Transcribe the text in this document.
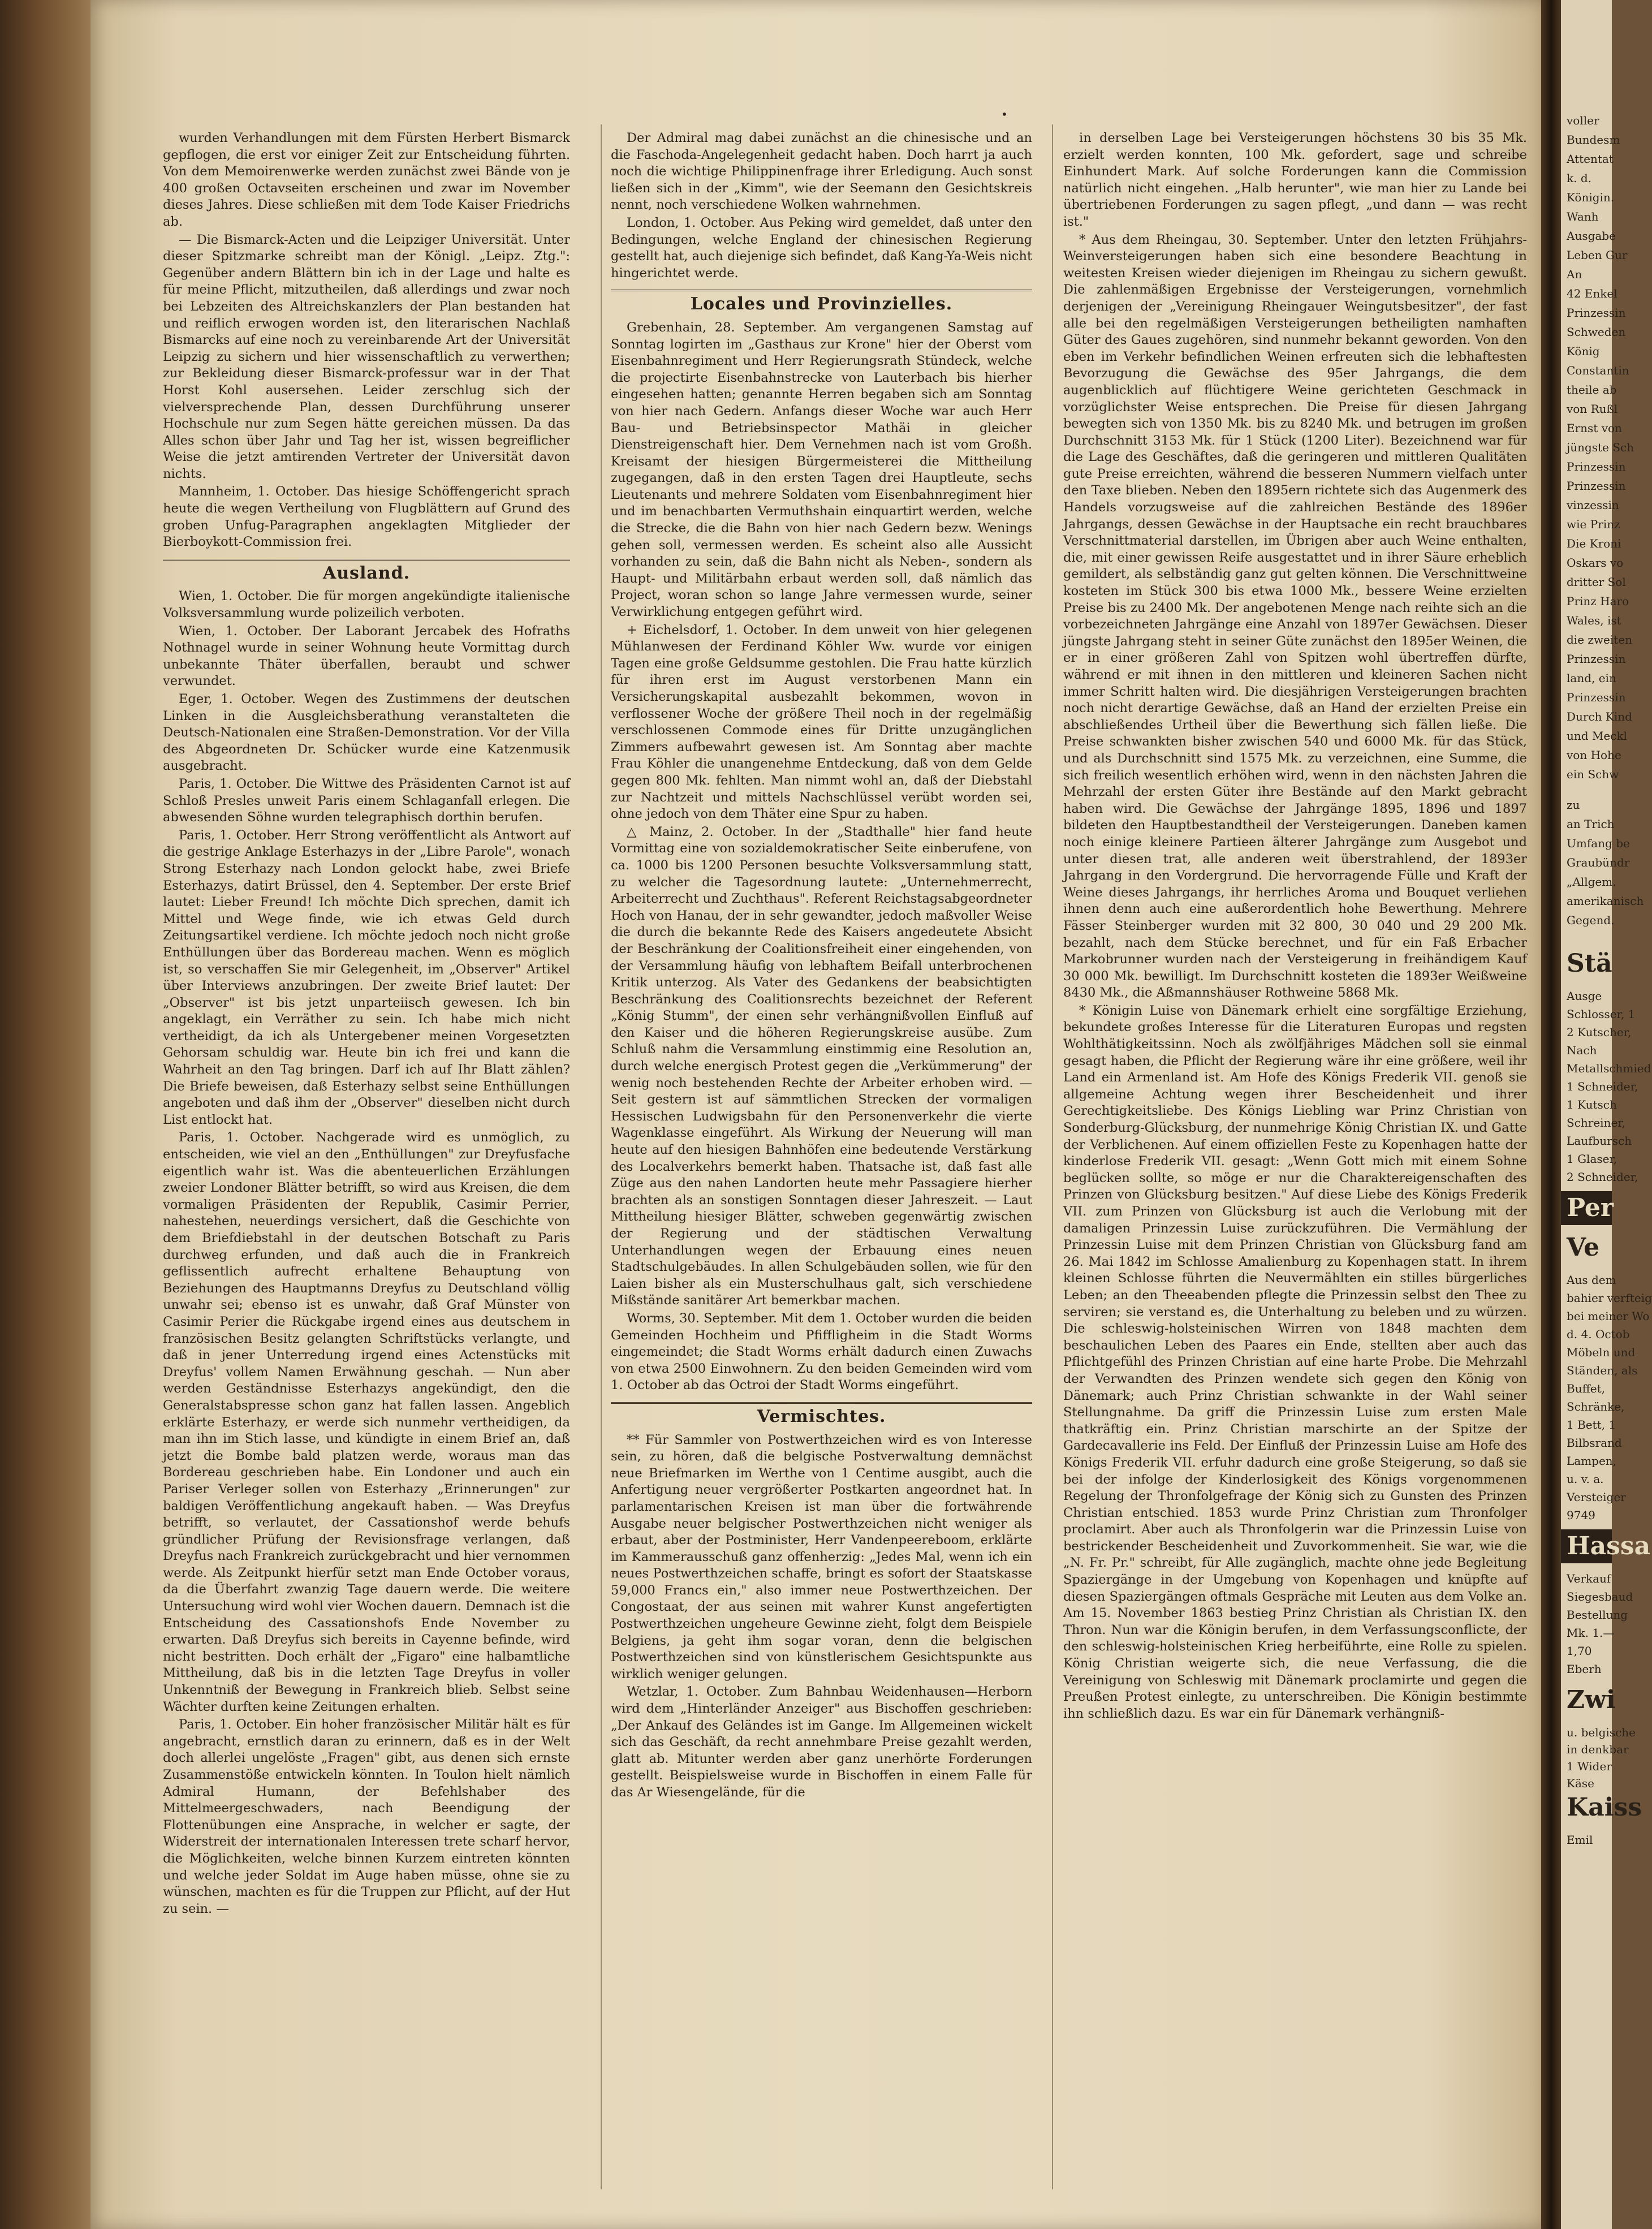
•

wurden Verhandlungen mit dem Fürsten Herbert Bismarck gepflogen, die erst vor einiger Zeit zur Entscheidung führten. Von dem Memoirenwerke werden zunächst zwei Bände von je 400 großen Octavseiten erscheinen und zwar im November dieses Jahres. Diese schließen mit dem Tode Kaiser Friedrichs ab.

— Die Bismarck-Acten und die Leipziger Universität. Unter dieser Spitzmarke schreibt man der Königl. „Leipz. Ztg.": Gegenüber andern Blättern bin ich in der Lage und halte es für meine Pflicht, mitzutheilen, daß allerdings und zwar noch bei Lebzeiten des Altreichskanzlers der Plan bestanden hat und reiflich erwogen worden ist, den literarischen Nachlaß Bismarcks auf eine noch zu vereinbarende Art der Universität Leipzig zu sichern und hier wissenschaftlich zu verwerthen; zur Bekleidung dieser Bismarck-professur war in der That Horst Kohl ausersehen. Leider zerschlug sich der vielversprechende Plan, dessen Durchführung unserer Hochschule nur zum Segen hätte gereichen müssen. Da das Alles schon über Jahr und Tag her ist, wissen begreiflicher Weise die jetzt amtirenden Vertreter der Universität davon nichts.

Mannheim, 1. October. Das hiesige Schöffengericht sprach heute die wegen Vertheilung von Flugblättern auf Grund des groben Unfug-Paragraphen angeklagten Mitglieder der Bierboykott-Commission frei.

Ausland.

Wien, 1. October. Die für morgen angekündigte italienische Volksversammlung wurde polizeilich verboten.

Wien, 1. October. Der Laborant Jercabek des Hofraths Nothnagel wurde in seiner Wohnung heute Vormittag durch unbekannte Thäter überfallen, beraubt und schwer verwundet.

Eger, 1. October. Wegen des Zustimmens der deutschen Linken in die Ausgleichsberathung veranstalteten die Deutsch-Nationalen eine Straßen-Demonstration. Vor der Villa des Abgeordneten Dr. Schücker wurde eine Katzenmusik ausgebracht.

Paris, 1. October. Die Wittwe des Präsidenten Carnot ist auf Schloß Presles unweit Paris einem Schlaganfall erlegen. Die abwesenden Söhne wurden telegraphisch dorthin berufen.

Paris, 1. October. Herr Strong veröffentlicht als Antwort auf die gestrige Anklage Esterhazys in der „Libre Parole", wonach Strong Esterhazy nach London gelockt habe, zwei Briefe Esterhazys, datirt Brüssel, den 4. September. Der erste Brief lautet: Lieber Freund! Ich möchte Dich sprechen, damit ich Mittel und Wege finde, wie ich etwas Geld durch Zeitungsartikel verdiene. Ich möchte jedoch noch nicht große Enthüllungen über das Bordereau machen. Wenn es möglich ist, so verschaffen Sie mir Gelegenheit, im „Observer" Artikel über Interviews anzubringen. Der zweite Brief lautet: Der „Observer" ist bis jetzt unparteiisch gewesen. Ich bin angeklagt, ein Verräther zu sein. Ich habe mich nicht vertheidigt, da ich als Untergebener meinen Vorgesetzten Gehorsam schuldig war. Heute bin ich frei und kann die Wahrheit an den Tag bringen. Darf ich auf Ihr Blatt zählen? Die Briefe beweisen, daß Esterhazy selbst seine Enthüllungen angeboten und daß ihm der „Observer" dieselben nicht durch List entlockt hat.

Paris, 1. October. Nachgerade wird es unmöglich, zu entscheiden, wie viel an den „Enthüllungen" zur Dreyfusfache eigentlich wahr ist. Was die abenteuerlichen Erzählungen zweier Londoner Blätter betrifft, so wird aus Kreisen, die dem vormaligen Präsidenten der Republik, Casimir Perrier, nahestehen, neuerdings versichert, daß die Geschichte von dem Briefdiebstahl in der deutschen Botschaft zu Paris durchweg erfunden, und daß auch die in Frankreich geflissentlich aufrecht erhaltene Behauptung von Beziehungen des Hauptmanns Dreyfus zu Deutschland völlig unwahr sei; ebenso ist es unwahr, daß Graf Münster von Casimir Perier die Rückgabe irgend eines aus deutschem in französischen Besitz gelangten Schriftstücks verlangte, und daß in jener Unterredung irgend eines Actenstücks mit Dreyfus' vollem Namen Erwähnung geschah. — Nun aber werden Geständnisse Esterhazys angekündigt, den die Generalstabspresse schon ganz hat fallen lassen. Angeblich erklärte Esterhazy, er werde sich nunmehr vertheidigen, da man ihn im Stich lasse, und kündigte in einem Brief an, daß jetzt die Bombe bald platzen werde, woraus man das Bordereau geschrieben habe. Ein Londoner und auch ein Pariser Verleger sollen von Esterhazy „Erinnerungen" zur baldigen Veröffentlichung angekauft haben. — Was Dreyfus betrifft, so verlautet, der Cassationshof werde behufs gründlicher Prüfung der Revisionsfrage verlangen, daß Dreyfus nach Frankreich zurückgebracht und hier vernommen werde. Als Zeitpunkt hierfür setzt man Ende October voraus, da die Überfahrt zwanzig Tage dauern werde. Die weitere Untersuchung wird wohl vier Wochen dauern. Demnach ist die Entscheidung des Cassationshofs Ende November zu erwarten. Daß Dreyfus sich bereits in Cayenne befinde, wird nicht bestritten. Doch erhält der „Figaro" eine halbamtliche Mittheilung, daß bis in die letzten Tage Dreyfus in voller Unkenntniß der Bewegung in Frankreich blieb. Selbst seine Wächter durften keine Zeitungen erhalten.

Paris, 1. October. Ein hoher französischer Militär hält es für angebracht, ernstlich daran zu erinnern, daß es in der Welt doch allerlei ungelöste „Fragen" gibt, aus denen sich ernste Zusammenstöße entwickeln könnten. In Toulon hielt nämlich Admiral Humann, der Befehlshaber des Mittelmeergeschwaders, nach Beendigung der Flottenübungen eine Ansprache, in welcher er sagte, der Widerstreit der internationalen Interessen trete scharf hervor, die Möglichkeiten, welche binnen Kurzem eintreten könnten und welche jeder Soldat im Auge haben müsse, ohne sie zu wünschen, machten es für die Truppen zur Pflicht, auf der Hut zu sein. —

Der Admiral mag dabei zunächst an die chinesische und an die Faschoda-Angelegenheit gedacht haben. Doch harrt ja auch noch die wichtige Philippinenfrage ihrer Erledigung. Auch sonst ließen sich in der „Kimm", wie der Seemann den Gesichtskreis nennt, noch verschiedene Wolken wahrnehmen.

London, 1. October. Aus Peking wird gemeldet, daß unter den Bedingungen, welche England der chinesischen Regierung gestellt hat, auch diejenige sich befindet, daß Kang-Ya-Weis nicht hingerichtet werde.

Locales und Provinzielles.

Grebenhain, 28. September. Am vergangenen Samstag auf Sonntag logirten im „Gasthaus zur Krone" hier der Oberst vom Eisenbahnregiment und Herr Regierungsrath Stündeck, welche die projectirte Eisenbahnstrecke von Lauterbach bis hierher eingesehen hatten; genannte Herren begaben sich am Sonntag von hier nach Gedern. Anfangs dieser Woche war auch Herr Bau- und Betriebsinspector Mathäi in gleicher Dienstreigenschaft hier. Dem Vernehmen nach ist vom Großh. Kreisamt der hiesigen Bürgermeisterei die Mittheilung zugegangen, daß in den ersten Tagen drei Hauptleute, sechs Lieutenants und mehrere Soldaten vom Eisenbahnregiment hier und im benachbarten Vermuthshain einquartirt werden, welche die Strecke, die die Bahn von hier nach Gedern bezw. Wenings gehen soll, vermessen werden. Es scheint also alle Aussicht vorhanden zu sein, daß die Bahn nicht als Neben-, sondern als Haupt- und Militärbahn erbaut werden soll, daß nämlich das Project, woran schon so lange Jahre vermessen wurde, seiner Verwirklichung entgegen geführt wird.

+ Eichelsdorf, 1. October. In dem unweit von hier gelegenen Mühlanwesen der Ferdinand Köhler Ww. wurde vor einigen Tagen eine große Geldsumme gestohlen. Die Frau hatte kürzlich für ihren erst im August verstorbenen Mann ein Versicherungskapital ausbezahlt bekommen, wovon in verflossener Woche der größere Theil noch in der regelmäßig verschlossenen Commode eines für Dritte unzugänglichen Zimmers aufbewahrt gewesen ist. Am Sonntag aber machte Frau Köhler die unangenehme Entdeckung, daß von dem Gelde gegen 800 Mk. fehlten. Man nimmt wohl an, daß der Diebstahl zur Nachtzeit und mittels Nachschlüssel verübt worden sei, ohne jedoch von dem Thäter eine Spur zu haben.

△ Mainz, 2. October. In der „Stadthalle" hier fand heute Vormittag eine von sozialdemokratischer Seite einberufene, von ca. 1000 bis 1200 Personen besuchte Volksversammlung statt, zu welcher die Tagesordnung lautete: „Unternehmerrecht, Arbeiterrecht und Zuchthaus". Referent Reichstagsabgeordneter Hoch von Hanau, der in sehr gewandter, jedoch maßvoller Weise die durch die bekannte Rede des Kaisers angedeutete Absicht der Beschränkung der Coalitionsfreiheit einer eingehenden, von der Versammlung häufig von lebhaftem Beifall unterbrochenen Kritik unterzog. Als Vater des Gedankens der beabsichtigten Beschränkung des Coalitionsrechts bezeichnet der Referent „König Stumm", der einen sehr verhängnißvollen Einfluß auf den Kaiser und die höheren Regierungskreise ausübe. Zum Schluß nahm die Versammlung einstimmig eine Resolution an, durch welche energisch Protest gegen die „Verkümmerung" der wenig noch bestehenden Rechte der Arbeiter erhoben wird. — Seit gestern ist auf sämmtlichen Strecken der vormaligen Hessischen Ludwigsbahn für den Personenverkehr die vierte Wagenklasse eingeführt. Als Wirkung der Neuerung will man heute auf den hiesigen Bahnhöfen eine bedeutende Verstärkung des Localverkehrs bemerkt haben. Thatsache ist, daß fast alle Züge aus den nahen Landorten heute mehr Passagiere hierher brachten als an sonstigen Sonntagen dieser Jahreszeit. — Laut Mittheilung hiesiger Blätter, schweben gegenwärtig zwischen der Regierung und der städtischen Verwaltung Unterhandlungen wegen der Erbauung eines neuen Stadtschulgebäudes. In allen Schulgebäuden sollen, wie für den Laien bisher als ein Musterschulhaus galt, sich verschiedene Mißstände sanitärer Art bemerkbar machen.

Worms, 30. September. Mit dem 1. October wurden die beiden Gemeinden Hochheim und Pfiffligheim in die Stadt Worms eingemeindet; die Stadt Worms erhält dadurch einen Zuwachs von etwa 2500 Einwohnern. Zu den beiden Gemeinden wird vom 1. October ab das Octroi der Stadt Worms eingeführt.

Vermischtes.

** Für Sammler von Postwerthzeichen wird es von Interesse sein, zu hören, daß die belgische Postverwaltung demnächst neue Briefmarken im Werthe von 1 Centime ausgibt, auch die Anfertigung neuer vergrößerter Postkarten angeordnet hat. In parlamentarischen Kreisen ist man über die fortwährende Ausgabe neuer belgischer Postwerthzeichen nicht weniger als erbaut, aber der Postminister, Herr Vandenpeereboom, erklärte im Kammerausschuß ganz offenherzig: „Jedes Mal, wenn ich ein neues Postwerthzeichen schaffe, bringt es sofort der Staatskasse 59,000 Francs ein," also immer neue Postwerthzeichen. Der Congostaat, der aus seinen mit wahrer Kunst angefertigten Postwerthzeichen ungeheure Gewinne zieht, folgt dem Beispiele Belgiens, ja geht ihm sogar voran, denn die belgischen Postwerthzeichen sind von künstlerischem Gesichtspunkte aus wirklich weniger gelungen.

Wetzlar, 1. October. Zum Bahnbau Weidenhausen—Herborn wird dem „Hinterländer Anzeiger" aus Bischoffen geschrieben: „Der Ankauf des Geländes ist im Gange. Im Allgemeinen wickelt sich das Geschäft, da recht annehmbare Preise gezahlt werden, glatt ab. Mitunter werden aber ganz unerhörte Forderungen gestellt. Beispielsweise wurde in Bischoffen in einem Falle für das Ar Wiesengelände, für die

in derselben Lage bei Versteigerungen höchstens 30 bis 35 Mk. erzielt werden konnten, 100 Mk. gefordert, sage und schreibe Einhundert Mark. Auf solche Forderungen kann die Commission natürlich nicht eingehen. „Halb herunter", wie man hier zu Lande bei übertriebenen Forderungen zu sagen pflegt, „und dann — was recht ist."

* Aus dem Rheingau, 30. September. Unter den letzten Frühjahrs-Weinversteigerungen haben sich eine besondere Beachtung in weitesten Kreisen wieder diejenigen im Rheingau zu sichern gewußt. Die zahlenmäßigen Ergebnisse der Versteigerungen, vornehmlich derjenigen der „Vereinigung Rheingauer Weingutsbesitzer", der fast alle bei den regelmäßigen Versteigerungen betheiligten namhaften Güter des Gaues zugehören, sind nunmehr bekannt geworden. Von den eben im Verkehr befindlichen Weinen erfreuten sich die lebhaftesten Bevorzugung die Gewächse des 95er Jahrgangs, die dem augenblicklich auf flüchtigere Weine gerichteten Geschmack in vorzüglichster Weise entsprechen. Die Preise für diesen Jahrgang bewegten sich von 1350 Mk. bis zu 8240 Mk. und betrugen im großen Durchschnitt 3153 Mk. für 1 Stück (1200 Liter). Bezeichnend war für die Lage des Geschäftes, daß die geringeren und mittleren Qualitäten gute Preise erreichten, während die besseren Nummern vielfach unter den Taxe blieben. Neben den 1895ern richtete sich das Augenmerk des Handels vorzugsweise auf die zahlreichen Bestände des 1896er Jahrgangs, dessen Gewächse in der Hauptsache ein recht brauchbares Verschnittmaterial darstellen, im Übrigen aber auch Weine enthalten, die, mit einer gewissen Reife ausgestattet und in ihrer Säure erheblich gemildert, als selbständig ganz gut gelten können. Die Verschnittweine kosteten im Stück 300 bis etwa 1000 Mk., bessere Weine erzielten Preise bis zu 2400 Mk. Der angebotenen Menge nach reihte sich an die vorbezeichneten Jahrgänge eine Anzahl von 1897er Gewächsen. Dieser jüngste Jahrgang steht in seiner Güte zunächst den 1895er Weinen, die er in einer größeren Zahl von Spitzen wohl übertreffen dürfte, während er mit ihnen in den mittleren und kleineren Sachen nicht immer Schritt halten wird. Die diesjährigen Versteigerungen brachten noch nicht derartige Gewächse, daß an Hand der erzielten Preise ein abschließendes Urtheil über die Bewerthung sich fällen ließe. Die Preise schwankten bisher zwischen 540 und 6000 Mk. für das Stück, und als Durchschnitt sind 1575 Mk. zu verzeichnen, eine Summe, die sich freilich wesentlich erhöhen wird, wenn in den nächsten Jahren die Mehrzahl der ersten Güter ihre Bestände auf den Markt gebracht haben wird. Die Gewächse der Jahrgänge 1895, 1896 und 1897 bildeten den Hauptbestandtheil der Versteigerungen. Daneben kamen noch einige kleinere Partieen älterer Jahrgänge zum Ausgebot und unter diesen trat, alle anderen weit überstrahlend, der 1893er Jahrgang in den Vordergrund. Die hervorragende Fülle und Kraft der Weine dieses Jahrgangs, ihr herrliches Aroma und Bouquet verliehen ihnen denn auch eine außerordentlich hohe Bewerthung. Mehrere Fässer Steinberger wurden mit 32 800, 30 040 und 29 200 Mk. bezahlt, nach dem Stücke berechnet, und für ein Faß Erbacher Markobrunner wurden nach der Versteigerung in freihändigem Kauf 30 000 Mk. bewilligt. Im Durchschnitt kosteten die 1893er Weißweine 8430 Mk., die Aßmannshäuser Rothweine 5868 Mk.

* Königin Luise von Dänemark erhielt eine sorgfältige Erziehung, bekundete großes Interesse für die Literaturen Europas und regsten Wohlthätigkeitssinn. Noch als zwölfjähriges Mädchen soll sie einmal gesagt haben, die Pflicht der Regierung wäre ihr eine größere, weil ihr Land ein Armenland ist. Am Hofe des Königs Frederik VII. genoß sie allgemeine Achtung wegen ihrer Bescheidenheit und ihrer Gerechtigkeitsliebe. Des Königs Liebling war Prinz Christian von Sonderburg-Glücksburg, der nunmehrige König Christian IX. und Gatte der Verblichenen. Auf einem offiziellen Feste zu Kopenhagen hatte der kinderlose Frederik VII. gesagt: „Wenn Gott mich mit einem Sohne beglücken sollte, so möge er nur die Charaktereigenschaften des Prinzen von Glücksburg besitzen." Auf diese Liebe des Königs Frederik VII. zum Prinzen von Glücksburg ist auch die Verlobung mit der damaligen Prinzessin Luise zurückzuführen. Die Vermählung der Prinzessin Luise mit dem Prinzen Christian von Glücksburg fand am 26. Mai 1842 im Schlosse Amalienburg zu Kopenhagen statt. In ihrem kleinen Schlosse führten die Neuvermählten ein stilles bürgerliches Leben; an den Theeabenden pflegte die Prinzessin selbst den Thee zu serviren; sie verstand es, die Unterhaltung zu beleben und zu würzen. Die schleswig-holsteinischen Wirren von 1848 machten dem beschaulichen Leben des Paares ein Ende, stellten aber auch das Pflichtgefühl des Prinzen Christian auf eine harte Probe. Die Mehrzahl der Verwandten des Prinzen wendete sich gegen den König von Dänemark; auch Prinz Christian schwankte in der Wahl seiner Stellungnahme. Da griff die Prinzessin Luise zum ersten Male thatkräftig ein. Prinz Christian marschirte an der Spitze der Gardecavallerie ins Feld. Der Einfluß der Prinzessin Luise am Hofe des Königs Frederik VII. erfuhr dadurch eine große Steigerung, so daß sie bei der infolge der Kinderlosigkeit des Königs vorgenommenen Regelung der Thronfolgefrage der König sich zu Gunsten des Prinzen Christian entschied. 1853 wurde Prinz Christian zum Thronfolger proclamirt. Aber auch als Thronfolgerin war die Prinzessin Luise von bestrickender Bescheidenheit und Zuvorkommenheit. Sie war, wie die „N. Fr. Pr." schreibt, für Alle zugänglich, machte ohne jede Begleitung Spaziergänge in der Umgebung von Kopenhagen und knüpfte auf diesen Spaziergängen oftmals Gespräche mit Leuten aus dem Volke an. Am 15. November 1863 bestieg Prinz Christian als Christian IX. den Thron. Nun war die Königin berufen, in dem Verfassungsconflicte, der den schleswig-holsteinischen Krieg herbeiführte, eine Rolle zu spielen. König Christian weigerte sich, die neue Verfassung, die die Vereinigung von Schleswig mit Dänemark proclamirte und gegen die Preußen Protest einlegte, zu unterschreiben. Die Königin bestimmte ihn schließlich dazu. Es war ein für Dänemark verhängniß-

voller
Bundesm
Attentat
k. d.
Königin.
Wanh
Ausgabe
Leben Gur
An
42 Enkel
Prinzessin
Schweden
König
Constantin
theile ab
von Rußl
Ernst von
jüngste Sch
Prinzessin
Prinzessin
vinzessin
wie Prinz
Die Kroni
Oskars vo
dritter Sol
Prinz Haro
Wales, ist
die zweiten
Prinzessin
land, ein
Prinzessin
Durch Kind
und Meckl
von Hohe
ein Schw
zu
an Trich
Umfang be
Graubündr
„Allgem.
amerikanisch
Gegend.
Stä
Ausge
Schlosser, 1
2 Kutscher,
Nach
Metallschmied
1 Schneider,
1 Kutsch
Schreiner,
Laufbursch
1 Glaser,
2 Schneider,
Per
Ve
Aus dem
bahier verfteig
bei meiner Wo
d. 4. Octob
Möbeln und
Ständen, als
Buffet,
Schränke,
1 Bett, 1
Bilbsrand
Lampen,
u. v. a.
Versteiger
9749
Hassa
Verkauf
Siegesbaud
Bestellung
Mk. 1.—
1,70
Eberh
Zwi
u. belgische
in denkbar
1 Wider
Käse
Kaiss
Emil
